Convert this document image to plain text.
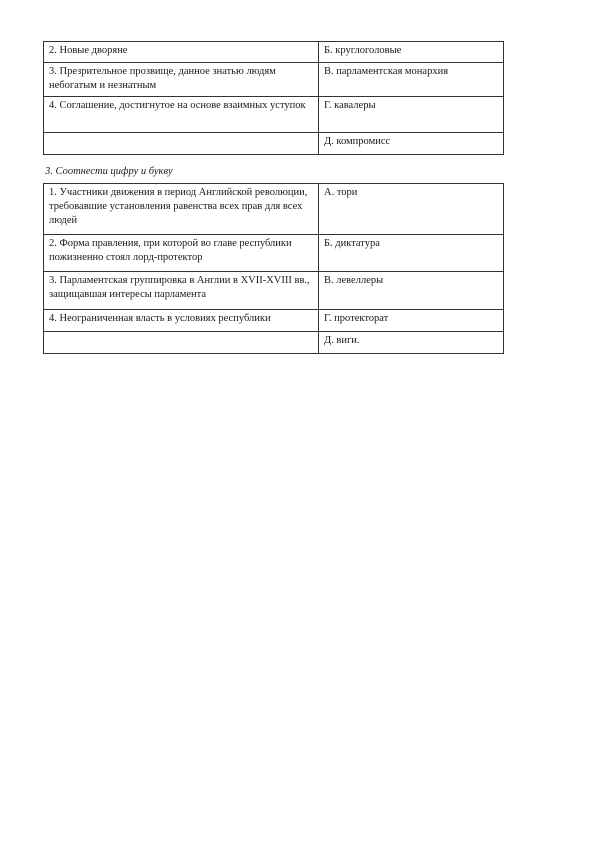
2. Новые дворяне	Б. круглоголовые
3. Презрительное прозвище, данное знатью людям небогатым и незнатным	В. парламентская монархия
4. Соглашение, достигнутое на основе взаимных уступок	Г. кавалеры
	Д. компромисс

3. Соотнести цифру и букву

1. Участники движения в период Английской революции, требовавшие установления равенства всех прав для всех людей	А. тори
2. Форма правления, при которой во главе республики пожизненно стоял лорд-протектор	Б. диктатура
3. Парламентская группировка в Англии в XVII-XVIII вв., защищавшая интересы парламента	В. левеллеры
4. Неограниченная власть в условиях республики	Г. протекторат
	Д. виги.
